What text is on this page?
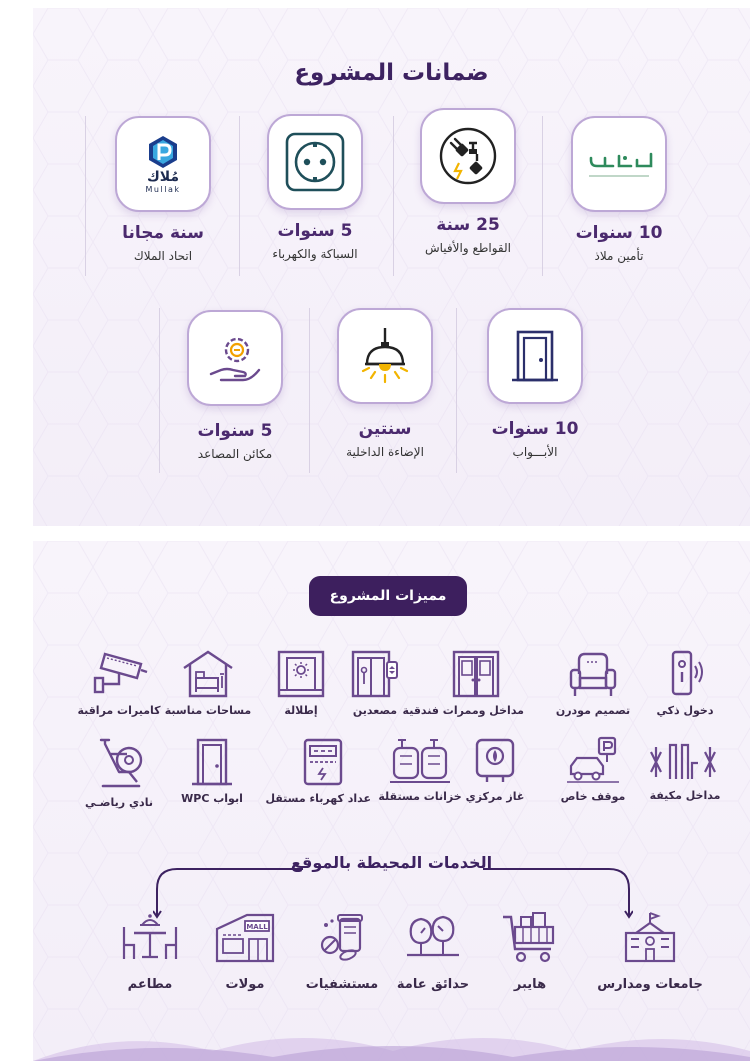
ضمانات المشروع
10 سنوات
تأمين ملاذ
25 سنة
القواطع والأفياش
5 سنوات
السباكة والكهرباء
مُلاك
Mullak
سنة مجانا
اتحاد الملاك
10 سنوات
الأبـــواب
سنتين
الإضاءة الداخلية
5 سنوات
مكائن المصاعد
مميزات المشروع
دخول ذكي
تصميم مودرن
مداخل وممرات فندقية
مصعدين
إطلالة
مساحات مناسبة
كاميرات مراقبة
مداخل مكيفة
موقف خاص
غاز مركزي
خزانات مستقلة
عداد كهرباء مستقل
ابواب WPC
نادي رياضـي
الخدمات المحيطة بالموقع
جامعات ومدارس
هايبر
حدائق عامة
مستشفيات
MALL
مولات
مطاعم
